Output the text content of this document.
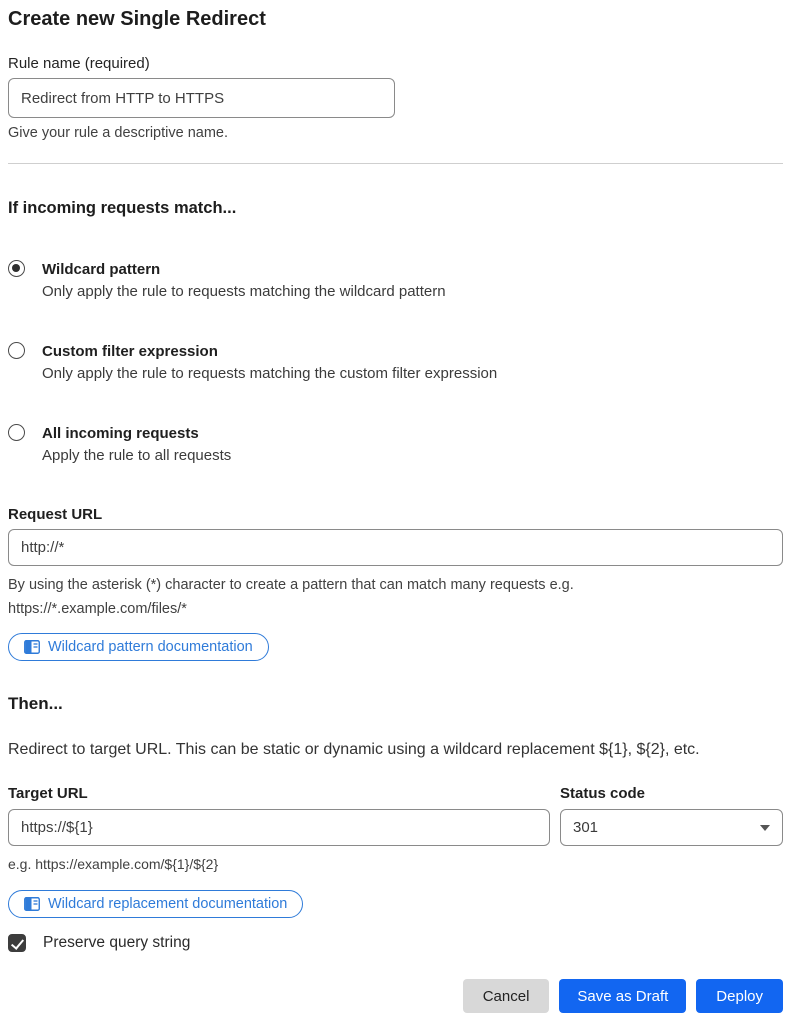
Create new Single Redirect
Rule name (required)
Redirect from HTTP to HTTPS
Give your rule a descriptive name.
If incoming requests match...
Wildcard pattern
Only apply the rule to requests matching the wildcard pattern
Custom filter expression
Only apply the rule to requests matching the custom filter expression
All incoming requests
Apply the rule to all requests
Request URL
http://*
By using the asterisk (*) character to create a pattern that can match many requests e.g.
https://*.example.com/files/*
Wildcard pattern documentation
Then...
Redirect to target URL. This can be static or dynamic using a wildcard replacement ${1}, ${2}, etc.
Target URL
https://${1}
e.g. https://example.com/${1}/${2}
Status code
301
Wildcard replacement documentation
Preserve query string
Cancel	Save as Draft	Deploy
